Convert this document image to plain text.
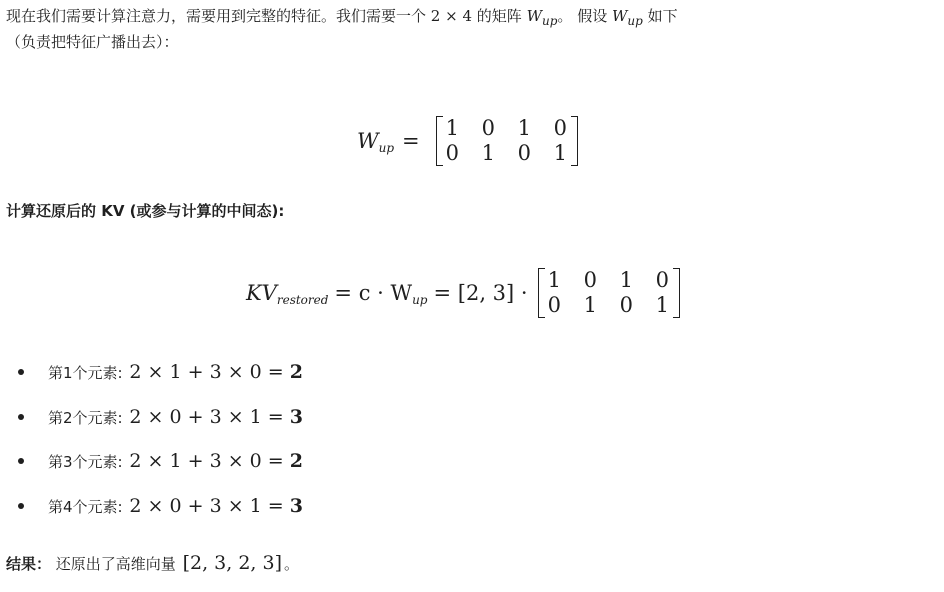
现在我们需要计算注意力，需要用到完整的特征。我们需要一个 2 × 4 的矩阵 $W_{up}$。 假设 $W_{up}$ 如下
（负责把特征广播出去）：

$W_{up}$ =
1	0	1	0
0	1	0	1
计算还原后的 KV (或参与计算的中间态):
$KV_{restored} = c \cdot W_{up} = [2$, 3] ·
1	0	1	0
0	1	0	1
第1个元素: 2 × 1 + 3 × 0 = 2
第2个元素: 2 × 0 + 3 × 1 = 3
第3个元素: 2 × 1 + 3 × 0 = 2
第4个元素: 2 × 0 + 3 × 1 = 3
结果： 还原出了高维向量 [2, 3, 2, 3] 。
